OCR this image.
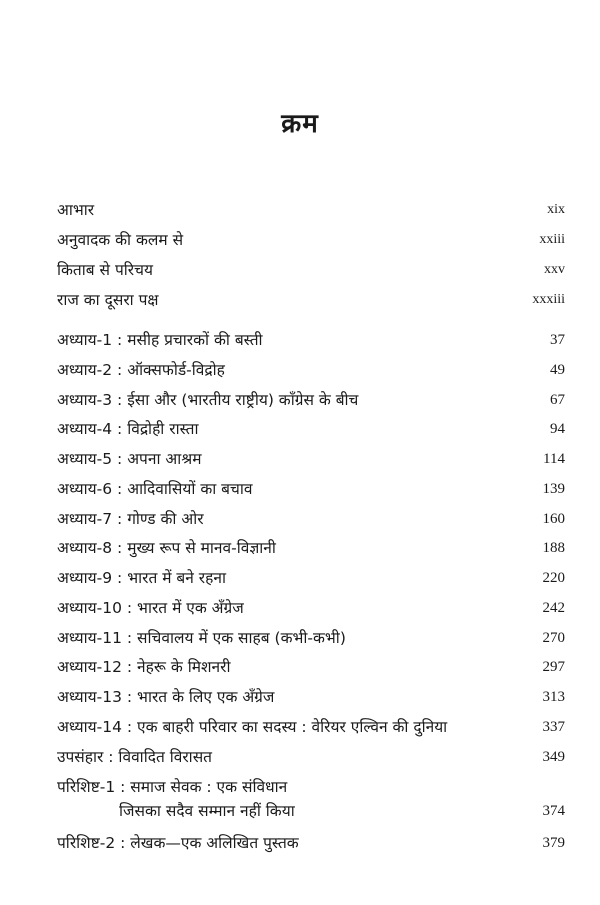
क्रम
आभार	xix
अनुवादक की कलम से	xxiii
किताब से परिचय	xxv
राज का दूसरा पक्ष	xxxiii
अध्याय-1 : मसीह प्रचारकों की बस्ती	37
अध्याय-2 : ऑक्सफोर्ड-विद्रोह	49
अध्याय-3 : ईसा और (भारतीय राष्ट्रीय) काँग्रेस के बीच	67
अध्याय-4 : विद्रोही रास्ता	94
अध्याय-5 : अपना आश्रम	114
अध्याय-6 : आदिवासियों का बचाव	139
अध्याय-7 : गोण्ड की ओर	160
अध्याय-8 : मुख्य रूप से मानव-विज्ञानी	188
अध्याय-9 : भारत में बने रहना	220
अध्याय-10 : भारत में एक अँग्रेज	242
अध्याय-11 : सचिवालय में एक साहब (कभी-कभी)	270
अध्याय-12 : नेहरू के मिशनरी	297
अध्याय-13 : भारत के लिए एक अँग्रेज	313
अध्याय-14 : एक बाहरी परिवार का सदस्य : वेरियर एल्विन की दुनिया	337
उपसंहार : विवादित विरासत	349
परिशिष्ट-1 : समाज सेवक : एक संविधान
जिसका सदैव सम्मान नहीं किया	374
परिशिष्ट-2 : लेखक—एक अलिखित पुस्तक	379
